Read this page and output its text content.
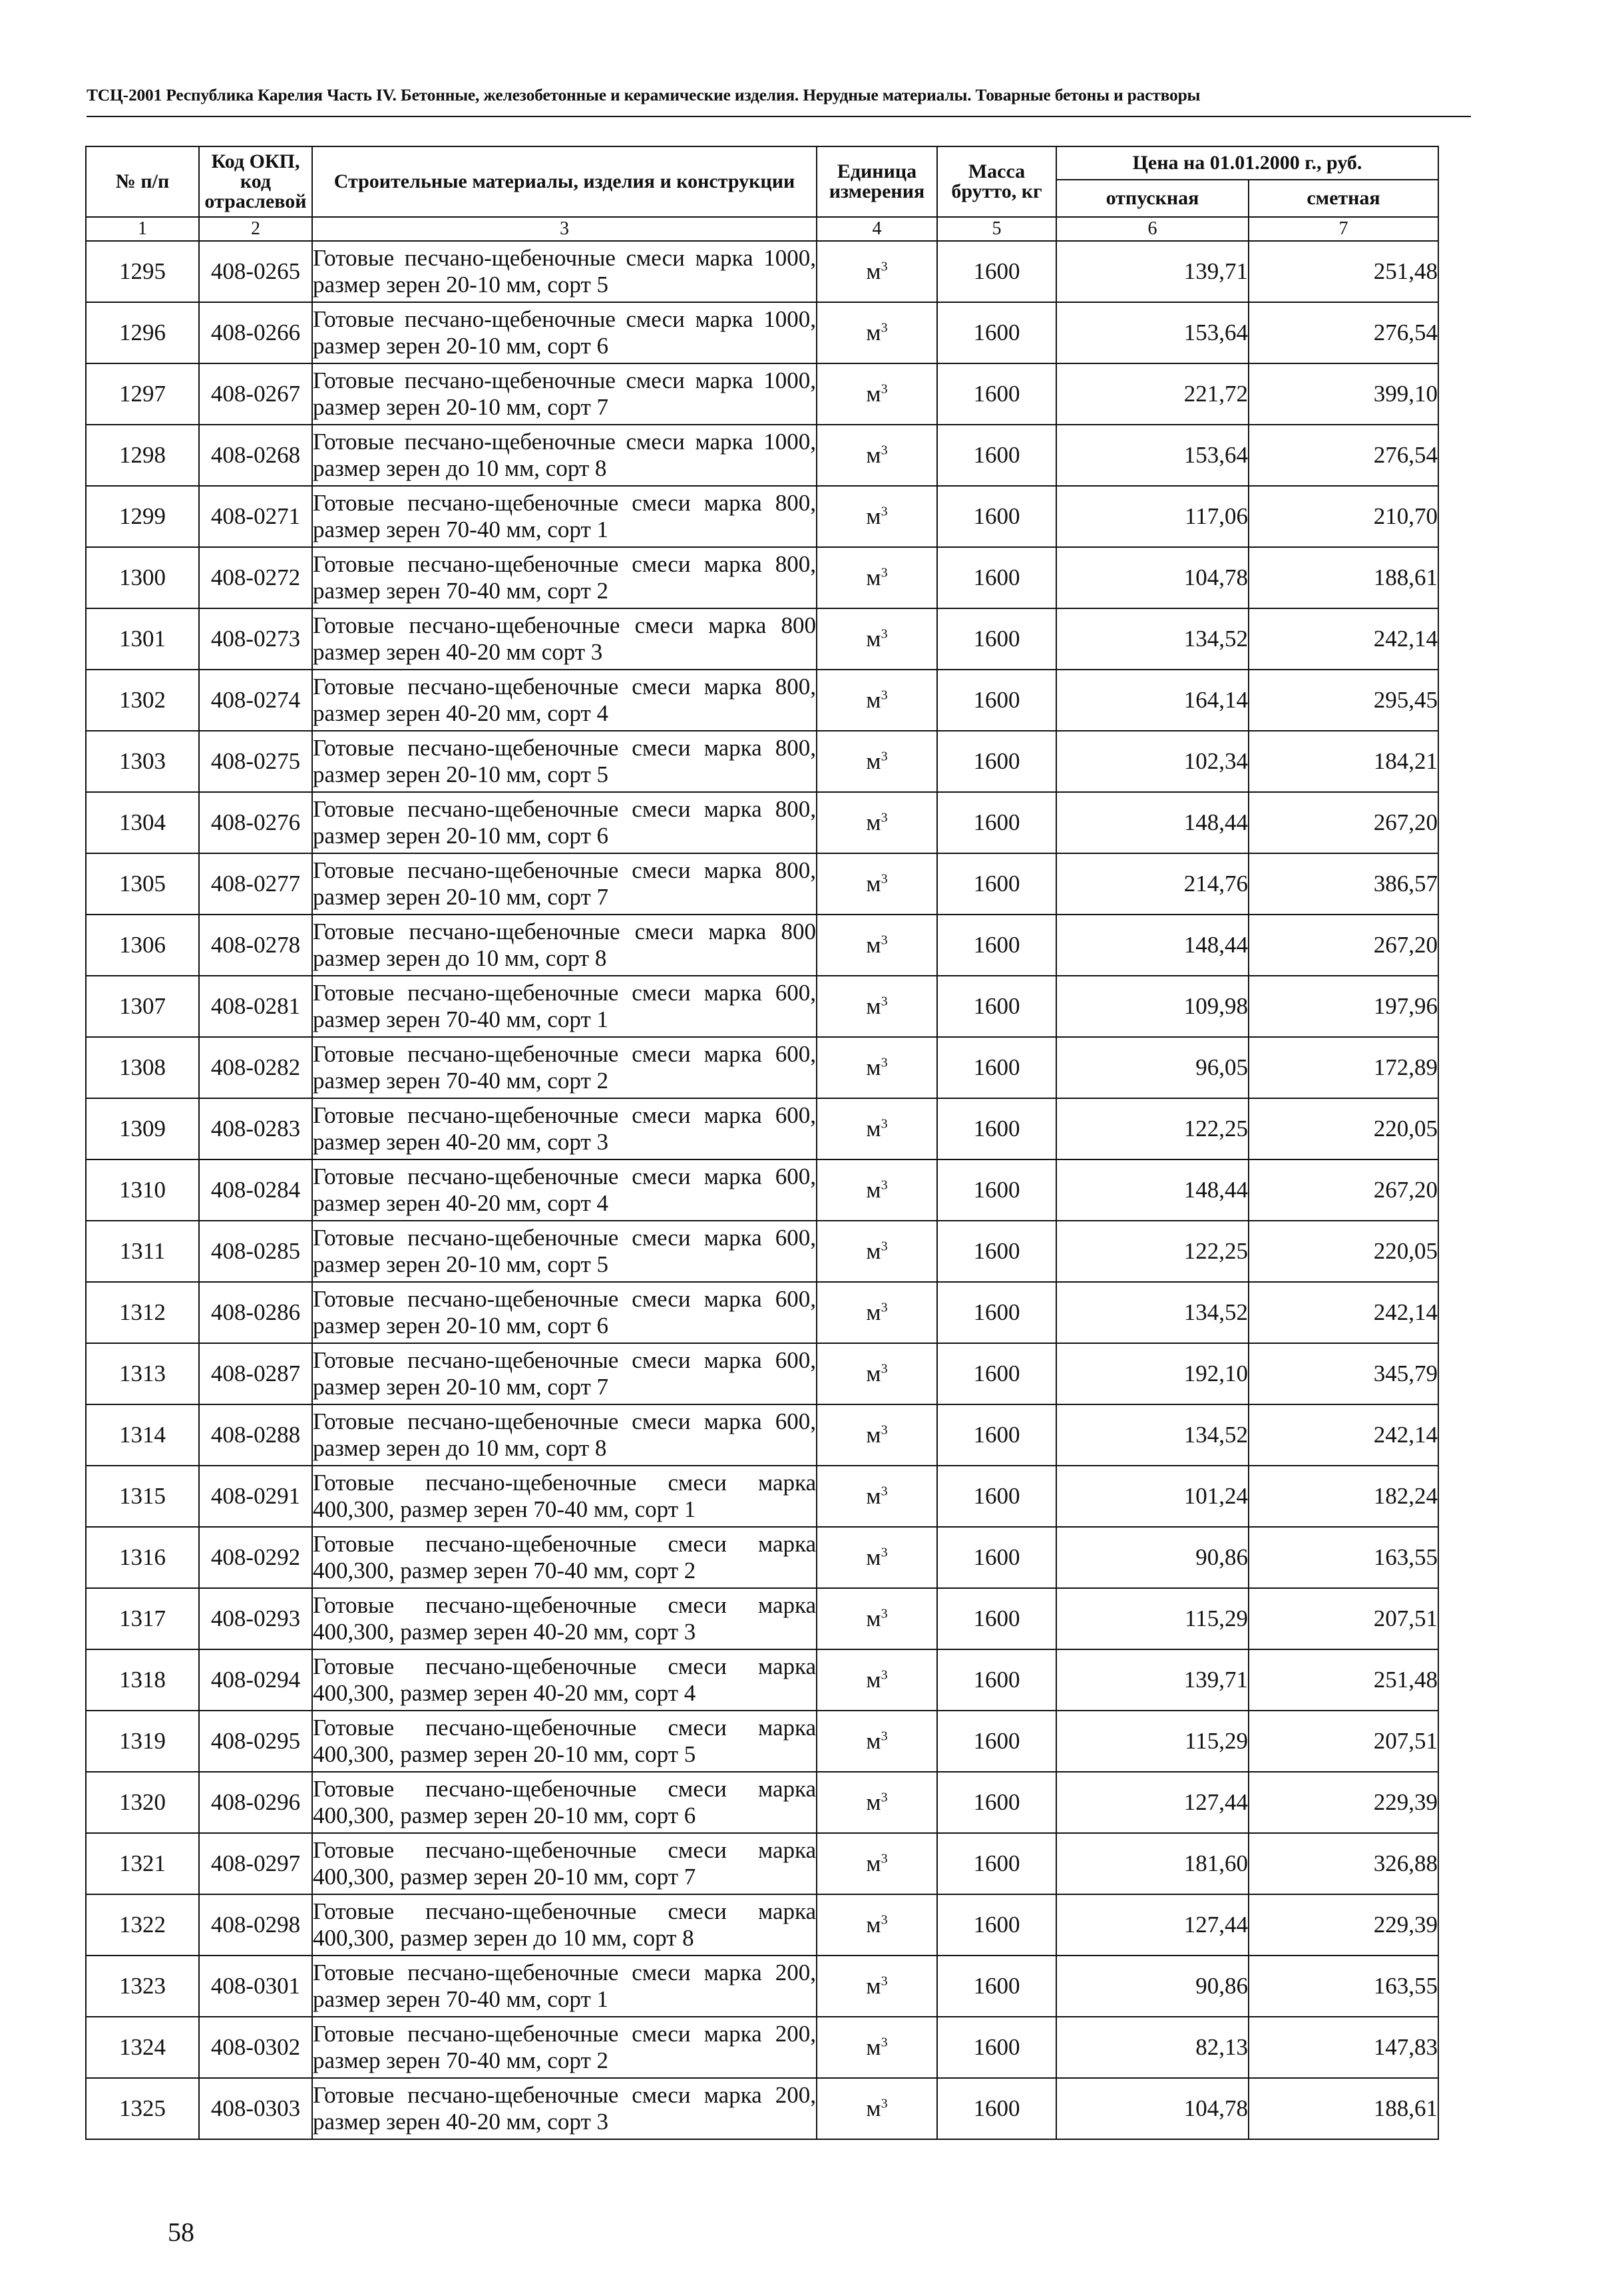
ТСЦ-2001 Республика Карелия Часть IV. Бетонные, железобетонные и керамические изделия. Нерудные материалы. Товарные бетоны и растворы
№ п/п	Код ОКП, код отраслевой	Строительные материалы, изделия и конструкции	Единица измерения	Масса брутто, кг	Цена на 01.01.2000 г., руб.	
					отпускная	сметная
1	2	3	4	5	6	7
1295	408-0265	Готовые песчано-щебеночные смеси марка 1000, размер зерен 20-10 мм, сорт 5	$м^3$	1600	139,71	251,48
1296	408-0266	Готовые песчано-щебеночные смеси марка 1000, размер зерен 20-10 мм, сорт 6	$м^3$	1600	153,64	276,54
1297	408-0267	Готовые песчано-щебеночные смеси марка 1000, размер зерен 20-10 мм, сорт 7	$м^3$	1600	221,72	399,10
1298	408-0268	Готовые песчано-щебеночные смеси марка 1000, размер зерен до 10 мм, сорт 8	$м^3$	1600	153,64	276,54
1299	408-0271	Готовые песчано-щебеночные смеси марка 800, размер зерен 70-40 мм, сорт 1	$м^3$	1600	117,06	210,70
1300	408-0272	Готовые песчано-щебеночные смеси марка 800, размер зерен 70-40 мм, сорт 2	$м^3$	1600	104,78	188,61
1301	408-0273	Готовые песчано-щебеночные смеси марка 800 размер зерен 40-20 мм сорт 3	$м^3$	1600	134,52	242,14
1302	408-0274	Готовые песчано-щебеночные смеси марка 800, размер зерен 40-20 мм, сорт 4	$м^3$	1600	164,14	295,45
1303	408-0275	Готовые песчано-щебеночные смеси марка 800, размер зерен 20-10 мм, сорт 5	$м^3$	1600	102,34	184,21
1304	408-0276	Готовые песчано-щебеночные смеси марка 800, размер зерен 20-10 мм, сорт 6	$м^3$	1600	148,44	267,20
1305	408-0277	Готовые песчано-щебеночные смеси марка 800, размер зерен 20-10 мм, сорт 7	$м^3$	1600	214,76	386,57
1306	408-0278	Готовые песчано-щебеночные смеси марка 800 размер зерен до 10 мм, сорт 8	$м^3$	1600	148,44	267,20
1307	408-0281	Готовые песчано-щебеночные смеси марка 600, размер зерен 70-40 мм, сорт 1	$м^3$	1600	109,98	197,96
1308	408-0282	Готовые песчано-щебеночные смеси марка 600, размер зерен 70-40 мм, сорт 2	$м^3$	1600	96,05	172,89
1309	408-0283	Готовые песчано-щебеночные смеси марка 600, размер зерен 40-20 мм, сорт 3	$м^3$	1600	122,25	220,05
1310	408-0284	Готовые песчано-щебеночные смеси марка 600, размер зерен 40-20 мм, сорт 4	$м^3$	1600	148,44	267,20
1311	408-0285	Готовые песчано-щебеночные смеси марка 600, размер зерен 20-10 мм, сорт 5	$м^3$	1600	122,25	220,05
1312	408-0286	Готовые песчано-щебеночные смеси марка 600, размер зерен 20-10 мм, сорт 6	$м^3$	1600	134,52	242,14
1313	408-0287	Готовые песчано-щебеночные смеси марка 600, размер зерен 20-10 мм, сорт 7	$м^3$	1600	192,10	345,79
1314	408-0288	Готовые песчано-щебеночные смеси марка 600, размер зерен до 10 мм, сорт 8	$м^3$	1600	134,52	242,14
1315	408-0291	Готовые песчано-щебеночные смеси марка 400,300, размер зерен 70-40 мм, сорт 1	$м^3$	1600	101,24	182,24
1316	408-0292	Готовые песчано-щебеночные смеси марка 400,300, размер зерен 70-40 мм, сорт 2	$м^3$	1600	90,86	163,55
1317	408-0293	Готовые песчано-щебеночные смеси марка 400,300, размер зерен 40-20 мм, сорт 3	$м^3$	1600	115,29	207,51
1318	408-0294	Готовые песчано-щебеночные смеси марка 400,300, размер зерен 40-20 мм, сорт 4	$м^3$	1600	139,71	251,48
1319	408-0295	Готовые песчано-щебеночные смеси марка 400,300, размер зерен 20-10 мм, сорт 5	$м^3$	1600	115,29	207,51
1320	408-0296	Готовые песчано-щебеночные смеси марка 400,300, размер зерен 20-10 мм, сорт 6	$м^3$	1600	127,44	229,39
1321	408-0297	Готовые песчано-щебеночные смеси марка 400,300, размер зерен 20-10 мм, сорт 7	$м^3$	1600	181,60	326,88
1322	408-0298	Готовые песчано-щебеночные смеси марка 400,300, размер зерен до 10 мм, сорт 8	$м^3$	1600	127,44	229,39
1323	408-0301	Готовые песчано-щебеночные смеси марка 200, размер зерен 70-40 мм, сорт 1	$м^3$	1600	90,86	163,55
1324	408-0302	Готовые песчано-щебеночные смеси марка 200, размер зерен 70-40 мм, сорт 2	$м^3$	1600	82,13	147,83
1325	408-0303	Готовые песчано-щебеночные смеси марка 200, размер зерен 40-20 мм, сорт 3	$м^3$	1600	104,78	188,61
58
